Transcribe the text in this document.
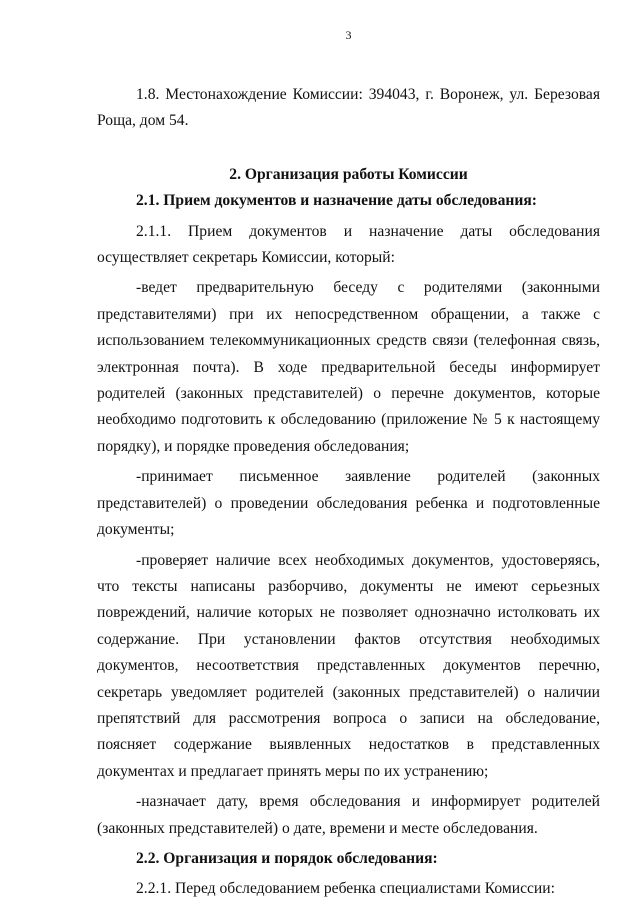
3

1.8. Местонахождение Комиссии: 394043, г. Воронеж, ул. Березовая Роща, дом 54.

2. Организация работы Комиссии

2.1. Прием документов и назначение даты обследования:

2.1.1. Прием документов и назначение даты обследования осуществляет секретарь Комиссии, который:

-ведет предварительную беседу с родителями (законными представителями) при их непосредственном обращении, а также с использованием телекоммуникационных средств связи (телефонная связь, электронная почта). В ходе предварительной беседы информирует родителей (законных представителей) о перечне документов, которые необходимо подготовить к обследованию (приложение № 5 к настоящему порядку), и порядке проведения обследования;

-принимает письменное заявление родителей (законных представителей) о проведении обследования ребенка и подготовленные документы;

-проверяет наличие всех необходимых документов, удостоверяясь, что тексты написаны разборчиво, документы не имеют серьезных повреждений, наличие которых не позволяет однозначно истолковать их содержание. При установлении фактов отсутствия необходимых документов, несоответствия представленных документов перечню, секретарь уведомляет родителей (законных представителей) о наличии препятствий для рассмотрения вопроса о записи на обследование, поясняет содержание выявленных недостатков в представленных документах и предлагает принять меры по их устранению;

-назначает дату, время обследования и информирует родителей (законных представителей) о дате, времени и месте обследования.

2.2. Организация и порядок обследования:

2.2.1. Перед обследованием ребенка специалистами Комиссии:
